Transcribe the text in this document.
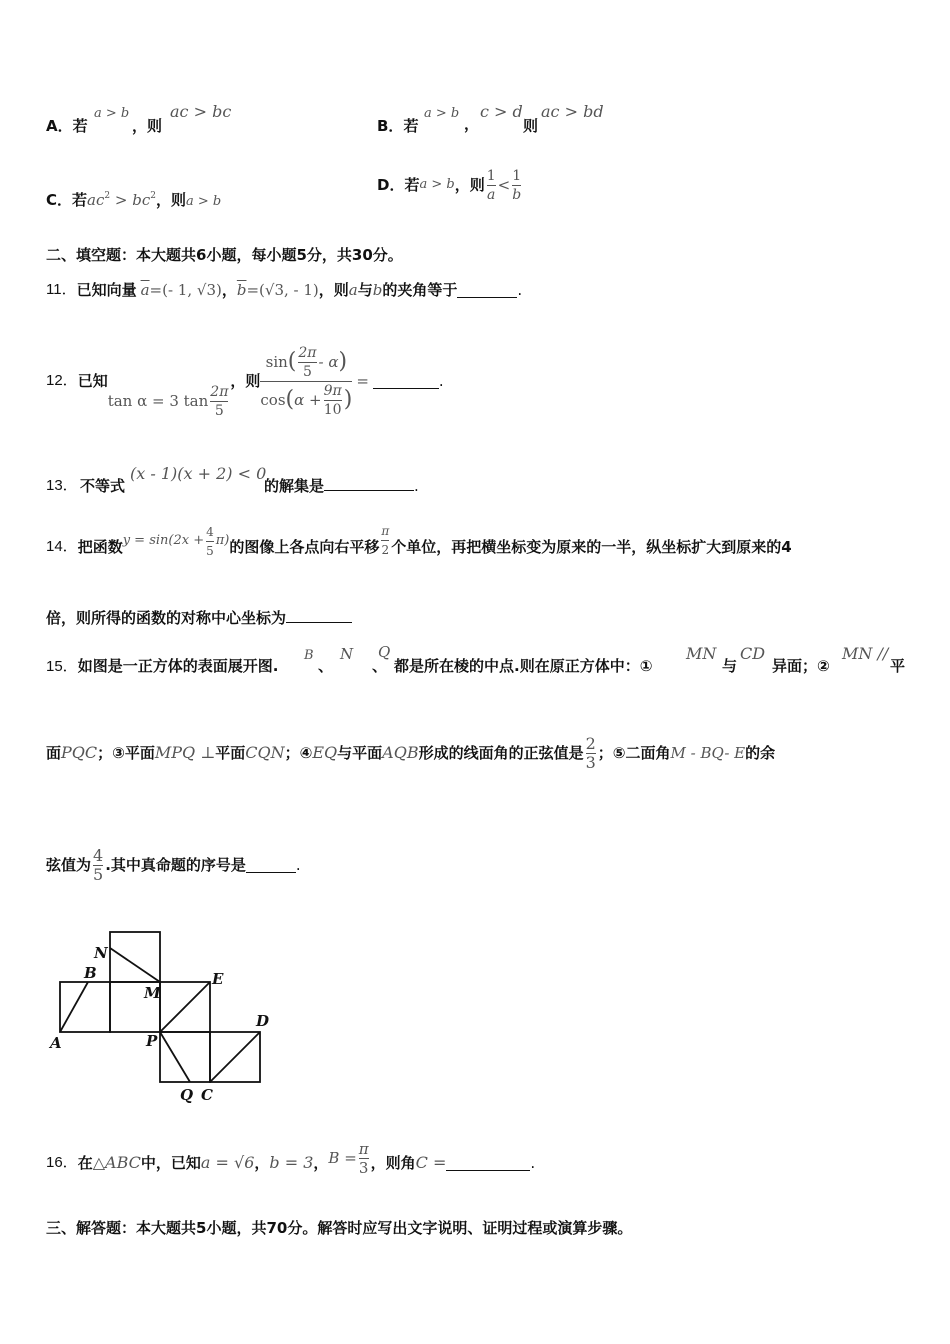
A．若
a > b
，则
ac > bc
B．若
a > b
，
c > d
则
ac > bd
C．若$ac^2 > bc^2$，则a > b
D． 若 a > b ，则 $\frac{1}{a} < \frac{1}{b}$
二、填空题：本大题共6小题，每小题5分，共30分。
11． 已知向量 $\overline{a}$ =(- 1, √3) ， $\overline{b} =(√3$, - 1) ，则 a 与 b 的夹角等于	.
12． 已知
tan α = 3 $\tan \frac{2\pi}{5}$
，则
sin ( $\frac{2\pi}{5}$ - α )
cos ( $\alpha + \frac{9\pi}{10}$ )
=	.
13． 不等式
(x - 1)(x + 2) < 0
的解集是	.
14． 把函数 $y = \sin(2x + \frac{4}{5} \pi)$ 的图像上各点向右平移 $\frac{\pi}{2}$ 个单位，再把横坐标变为原来的一半，纵坐标扩大到原来的4
倍，则所得的函数的对称中心坐标为
15．如图是一正方体的表面展开图.
B
、
N
、
Q
都是所在棱的中点.则在原正方体中：①
MN
与
CD
异面；②
MN //
平
面 PQC ；③平面 MPQ ⊥ 平面 CQN ；④ EQ 与平面 AQB 形成的线面角的正弦值是 $\frac{2}{3}$ ；⑤二面角 M - BQ- E 的余
弦值为 $\frac{4}{5}$ .其中真命题的序号是	.
N
B
M
E
A	P
D
Q C
16． 在 △ABC 中，已知 a = √6 ， b = 3 ， $B = \frac{\pi}{3}$ ，则角 C =	.
三、解答题：本大题共5小题，共70分。解答时应写出文字说明、证明过程或演算步骤。
